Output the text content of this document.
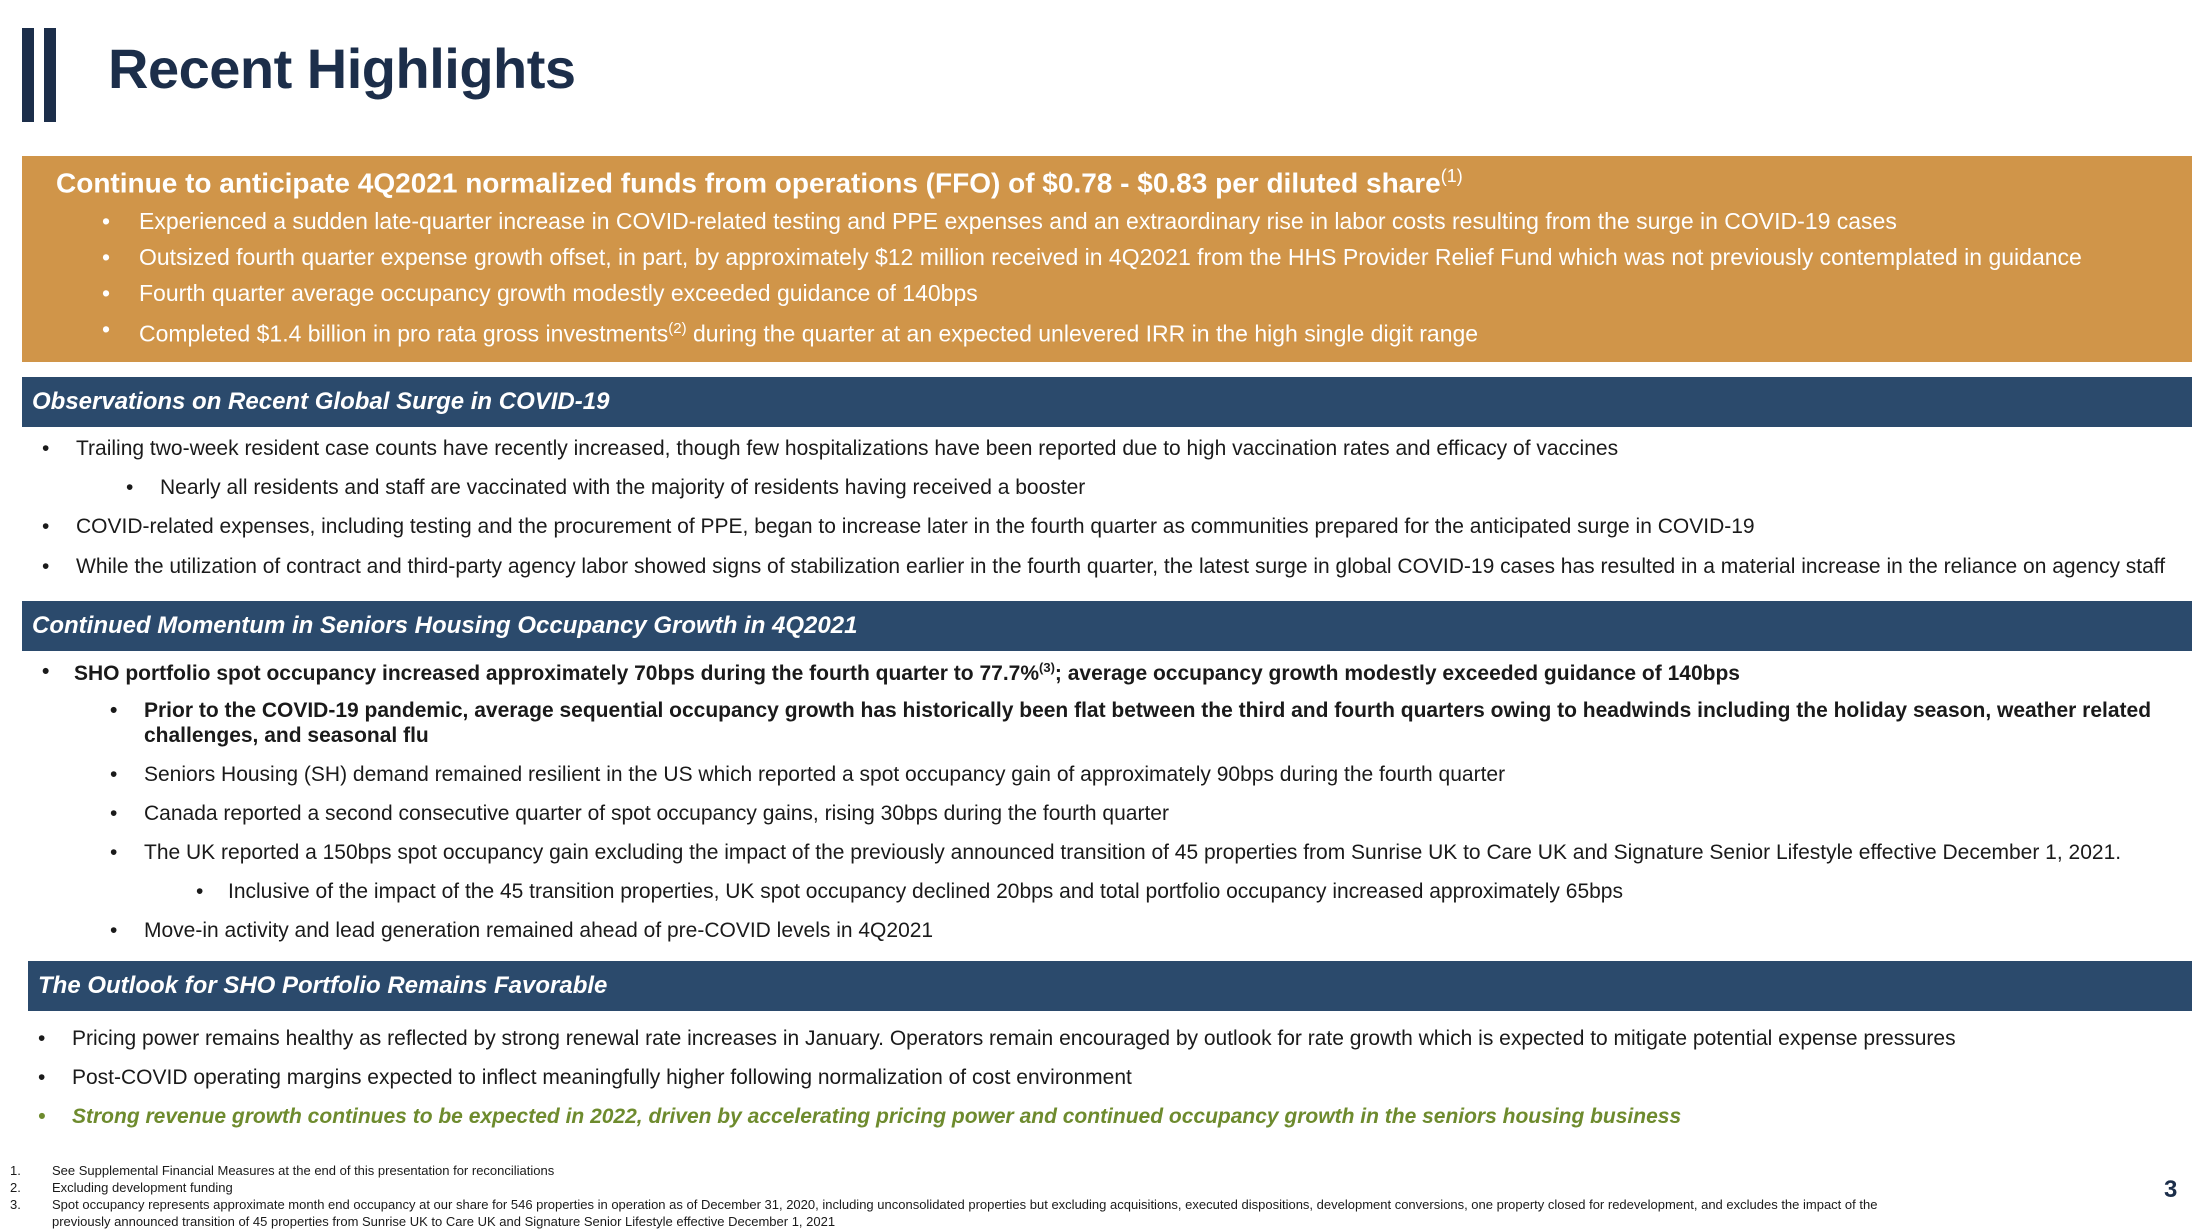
Recent Highlights
Continue to anticipate 4Q2021 normalized funds from operations (FFO) of $0.78 - $0.83 per diluted share$^{(1)}$
• Experienced a sudden late-quarter increase in COVID-related testing and PPE expenses and an extraordinary rise in labor costs resulting from the surge in COVID-19 cases
• Outsized fourth quarter expense growth offset, in part, by approximately $12 million received in 4Q2021 from the HHS Provider Relief Fund which was not previously contemplated in guidance
• Fourth quarter average occupancy growth modestly exceeded guidance of 140bps
• Completed $1.4 billion in pro rata gross investments$^{(2)}$ during the quarter at an expected unlevered IRR in the high single digit range
Observations on Recent Global Surge in COVID-19
• Trailing two-week resident case counts have recently increased, though few hospitalizations have been reported due to high vaccination rates and efficacy of vaccines
• Nearly all residents and staff are vaccinated with the majority of residents having received a booster
• COVID-related expenses, including testing and the procurement of PPE, began to increase later in the fourth quarter as communities prepared for the anticipated surge in COVID-19
• While the utilization of contract and third-party agency labor showed signs of stabilization earlier in the fourth quarter, the latest surge in global COVID-19 cases has resulted in a material increase in the reliance on agency staff
Continued Momentum in Seniors Housing Occupancy Growth in 4Q2021
• SHO portfolio spot occupancy increased approximately 70bps during the fourth quarter to 77.7%$^{(3)}$; average occupancy growth modestly exceeded guidance of 140bps
• Prior to the COVID-19 pandemic, average sequential occupancy growth has historically been flat between the third and fourth quarters owing to headwinds including the holiday season, weather related
challenges, and seasonal flu
• Seniors Housing (SH) demand remained resilient in the US which reported a spot occupancy gain of approximately 90bps during the fourth quarter
• Canada reported a second consecutive quarter of spot occupancy gains, rising 30bps during the fourth quarter
• The UK reported a 150bps spot occupancy gain excluding the impact of the previously announced transition of 45 properties from Sunrise UK to Care UK and Signature Senior Lifestyle effective December 1, 2021.
• Inclusive of the impact of the 45 transition properties, UK spot occupancy declined 20bps and total portfolio occupancy increased approximately 65bps
• Move-in activity and lead generation remained ahead of pre-COVID levels in 4Q2021
The Outlook for SHO Portfolio Remains Favorable
• Pricing power remains healthy as reflected by strong renewal rate increases in January. Operators remain encouraged by outlook for rate growth which is expected to mitigate potential expense pressures
• Post-COVID operating margins expected to inflect meaningfully higher following normalization of cost environment
• Strong revenue growth continues to be expected in 2022, driven by accelerating pricing power and continued occupancy growth in the seniors housing business
1. See Supplemental Financial Measures at the end of this presentation for reconciliations
2. Excluding development funding
3. Spot occupancy represents approximate month end occupancy at our share for 546 properties in operation as of December 31, 2020, including unconsolidated properties but excluding acquisitions, executed dispositions, development conversions, one property closed for redevelopment, and excludes the impact of the
previously announced transition of 45 properties from Sunrise UK to Care UK and Signature Senior Lifestyle effective December 1, 2021
3
